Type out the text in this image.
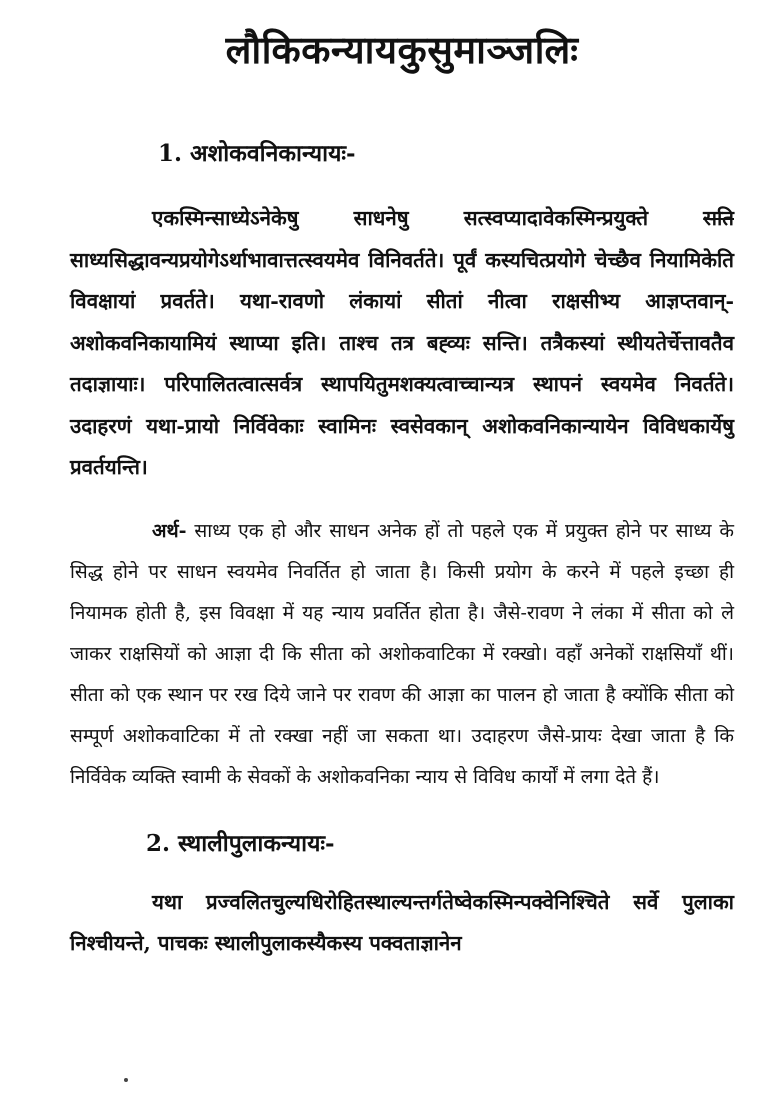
लौकिकन्यायकुसुमाञ्जलिः
1. अशोकवनिकान्यायः-

एकस्मिन्साध्येऽनेकेषु साधनेषु सत्स्वप्यादावेकस्मिन्प्रयुक्ते सति साध्यसिद्धावन्यप्रयोगेऽर्थाभावात्तत्स्वयमेव विनिवर्तते। पूर्वं कस्यचित्प्रयोगे चेच्छैव नियामिकेति विवक्षायां प्रवर्तते। यथा-रावणो लंकायां सीतां नीत्वा राक्षसीभ्य आज्ञप्तवान्-अशोकवनिकायामियं स्थाप्या इति। ताश्च तत्र बह्व्यः सन्ति। तत्रैकस्यां स्थीयतेर्चेत्तावतैव तदाज्ञायाः। परिपालितत्वात्सर्वत्र स्थापयितुमशक्यत्वाच्चान्यत्र स्थापनं स्वयमेव निवर्तते। उदाहरणं यथा-प्रायो निर्विवेकाः स्वामिनः स्वसेवकान् अशोकवनिकान्यायेन विविधकार्येषु प्रवर्तयन्ति।

अर्थ- साध्य एक हो और साधन अनेक हों तो पहले एक में प्रयुक्त होने पर साध्य के सिद्ध होने पर साधन स्वयमेव निवर्तित हो जाता है। किसी प्रयोग के करने में पहले इच्छा ही नियामक होती है, इस विवक्षा में यह न्याय प्रवर्तित होता है। जैसे-रावण ने लंका में सीता को ले जाकर राक्षसियों को आज्ञा दी कि सीता को अशोकवाटिका में रक्खो। वहाँ अनेकों राक्षसियाँ थीं। सीता को एक स्थान पर रख दिये जाने पर रावण की आज्ञा का पालन हो जाता है क्योंकि सीता को सम्पूर्ण अशोकवाटिका में तो रक्खा नहीं जा सकता था। उदाहरण जैसे-प्रायः देखा जाता है कि निर्विवेक व्यक्ति स्वामी के सेवकों के अशोकवनिका न्याय से विविध कार्यों में लगा देते हैं।

2. स्थालीपुलाकन्यायः-

यथा प्रज्वलितचुल्यधिरोहितस्थाल्यन्तर्गतेष्वेकस्मिन्पक्वेनिश्चिते सर्वे पुलाका निश्चीयन्ते, पाचकः स्थालीपुलाकस्यैकस्य पक्वताज्ञानेन
